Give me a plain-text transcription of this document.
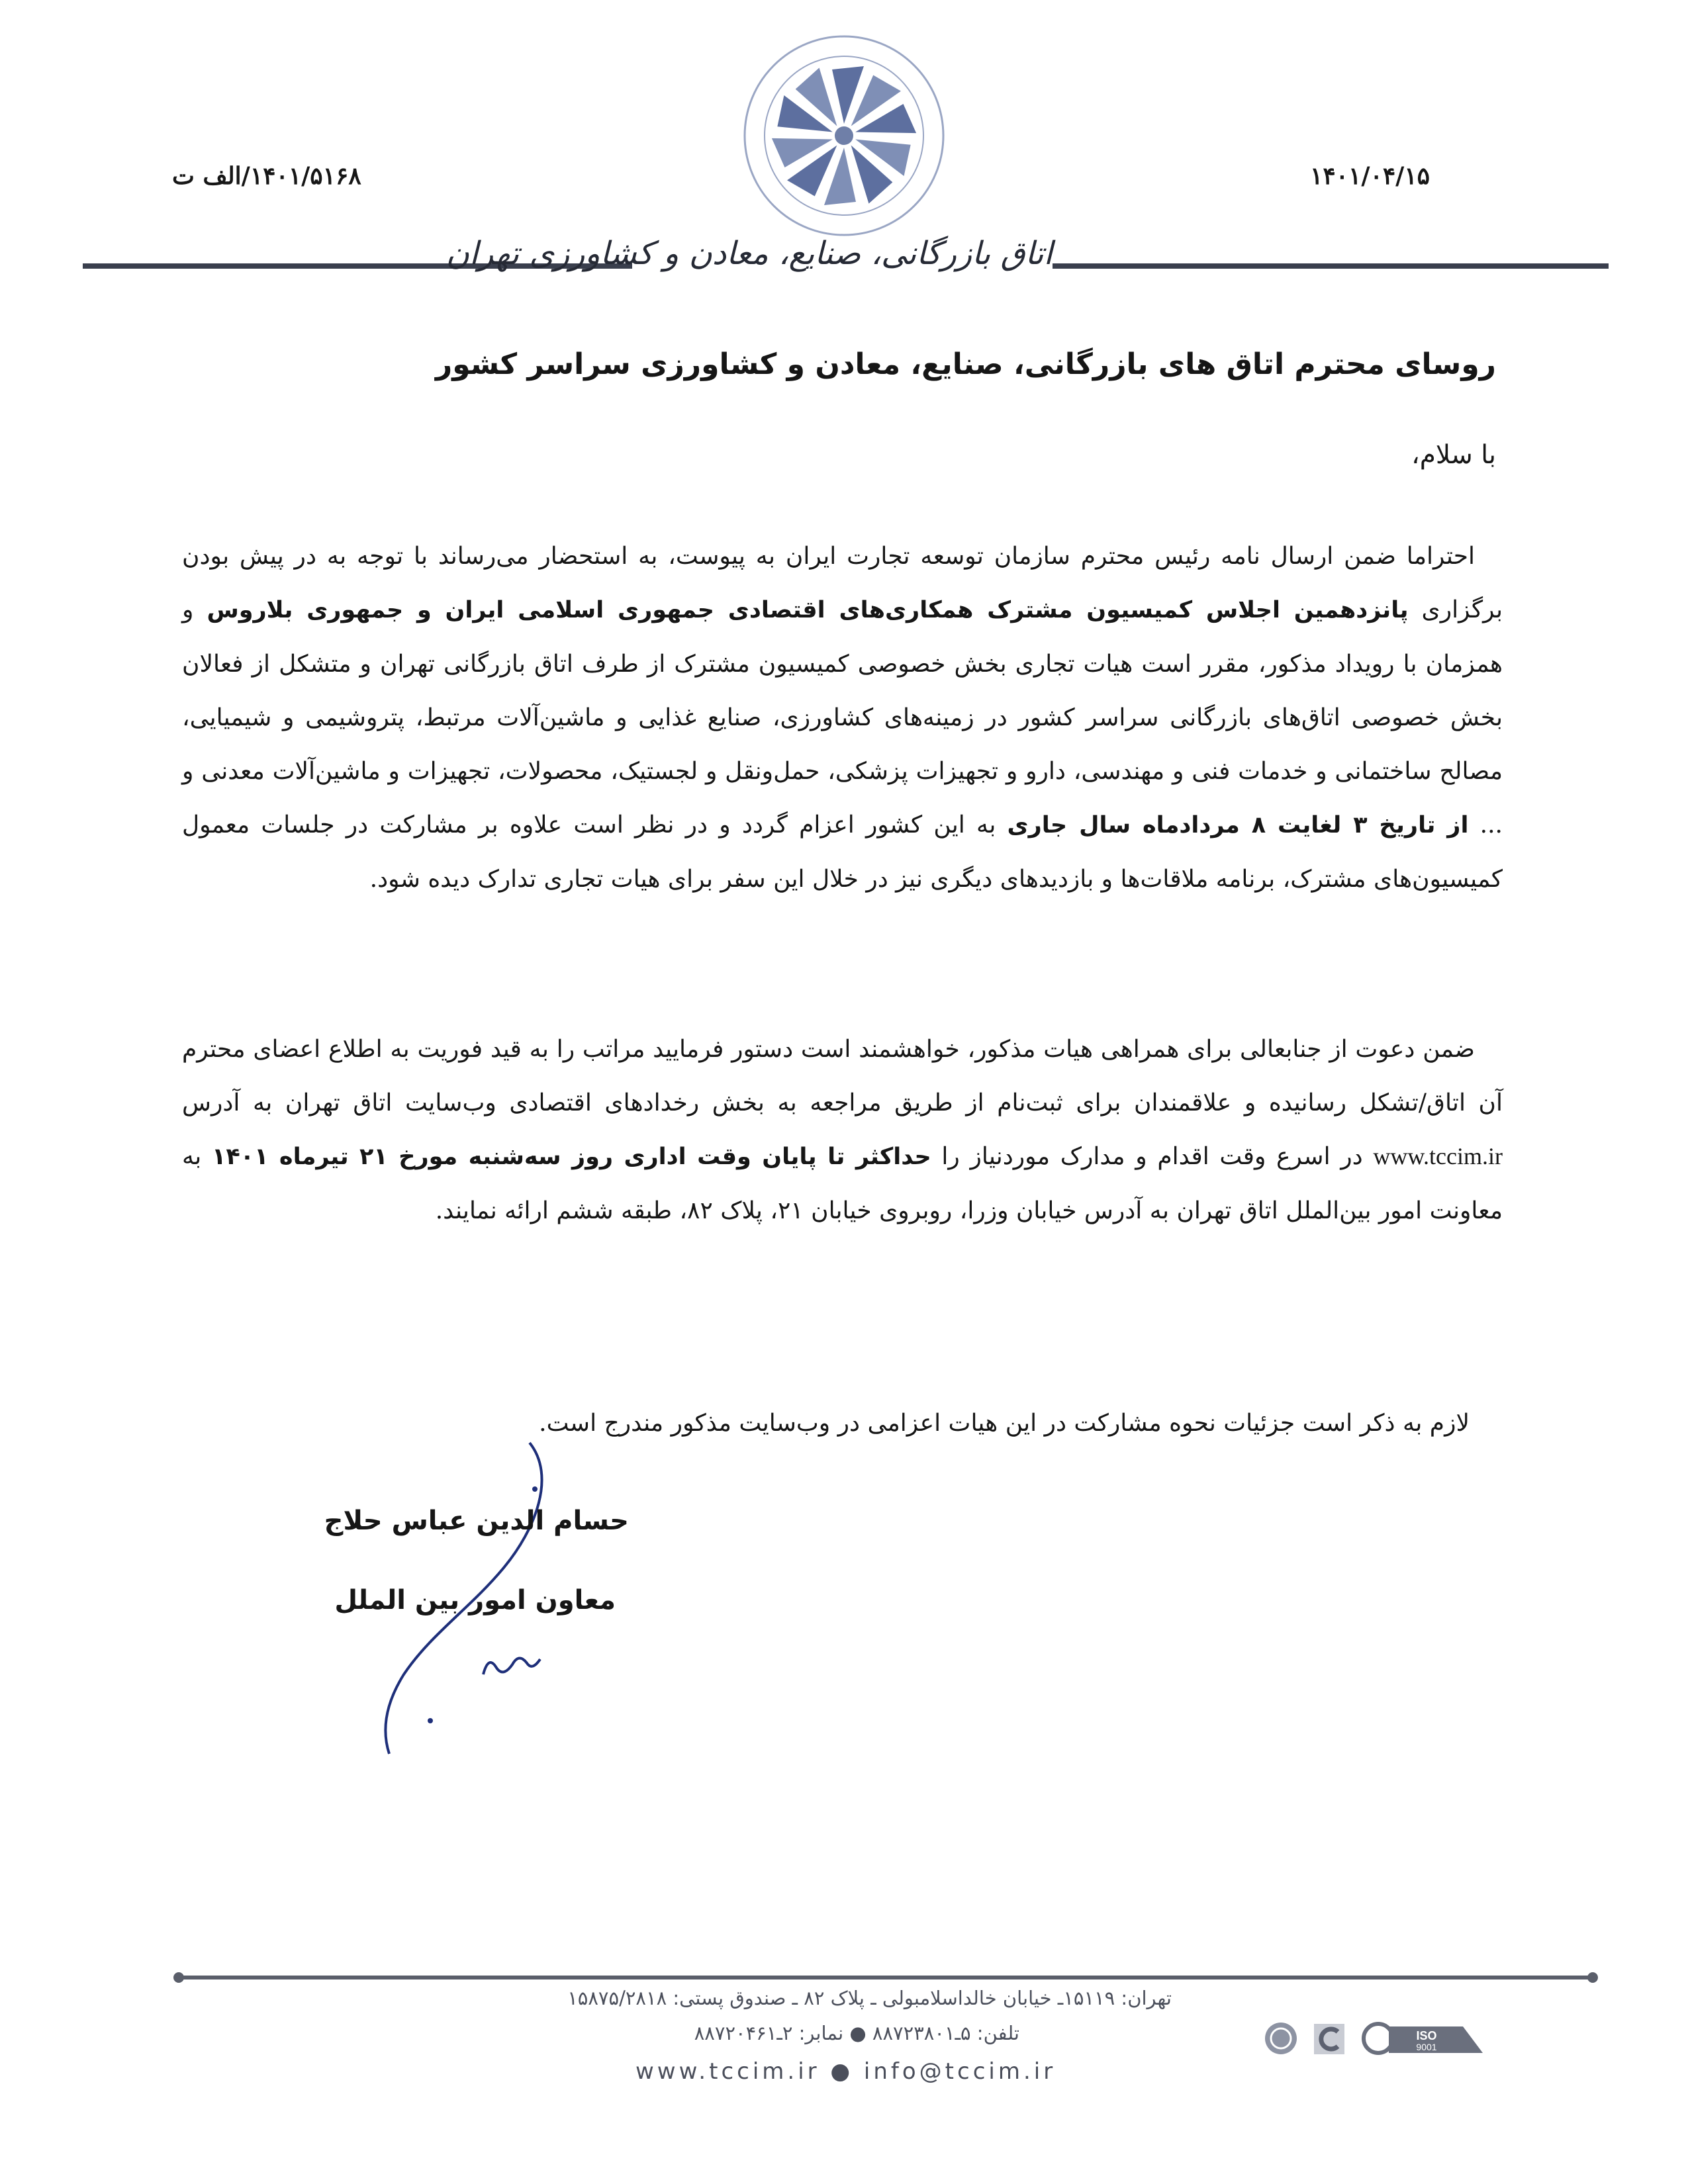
۱۴۰۱/۵۱۶۸/الف ت	۱۴۰۱/۰۴/۱۵
اتاق بازرگانی، صنایع، معادن و کشاورزی تهران
روسای محترم اتاق های بازرگانی، صنایع، معادن و کشاورزی سراسر کشور
با سلام،
احتراما ضمن ارسال نامه رئیس محترم سازمان توسعه تجارت ایران به پیوست، به استحضار می‌رساند با توجه به در پیش بودن برگزاری پانزدهمین اجلاس کمیسیون مشترک همکاری‌های اقتصادی جمهوری اسلامی ایران و جمهوری بلاروس و همزمان با رویداد مذکور، مقرر است هیات تجاری بخش خصوصی کمیسیون مشترک از طرف اتاق بازرگانی تهران و متشکل از فعالان بخش خصوصی اتاق‌های بازرگانی سراسر کشور در زمینه‌های کشاورزی، صنایع غذایی و ماشین‌آلات مرتبط، پتروشیمی و شیمیایی، مصالح ساختمانی و خدمات فنی و مهندسی، دارو و تجهیزات پزشکی، حمل‌ونقل و لجستیک، محصولات، تجهیزات و ماشین‌آلات معدنی و ... از تاریخ ۳ لغایت ۸ مردادماه سال جاری به این کشور اعزام گردد و در نظر است علاوه بر مشارکت در جلسات معمول کمیسیون‌های مشترک، برنامه ملاقات‌ها و بازدیدهای دیگری نیز در خلال این سفر برای هیات تجاری تدارک دیده شود.
ضمن دعوت از جنابعالی برای همراهی هیات مذکور، خواهشمند است دستور فرمایید مراتب را به قید فوریت به اطلاع اعضای محترم آن اتاق/تشکل رسانیده و علاقمندان برای ثبت‌نام از طریق مراجعه به بخش رخدادهای اقتصادی وب‌سایت اتاق تهران به آدرس www.tccim.ir در اسرع وقت اقدام و مدارک موردنیاز را حداکثر تا پایان وقت اداری روز سه‌شنبه مورخ ۲۱ تیرماه ۱۴۰۱ به معاونت امور بین‌الملل اتاق تهران به آدرس خیابان وزرا، روبروی خیابان ۲۱، پلاک ۸۲، طبقه ششم ارائه نمایند.
لازم به ذکر است جزئیات نحوه مشارکت در این هیات اعزامی در وب‌سایت مذکور مندرج است.
حسام الدین عباس حلاج
معاون امور بین الملل
تهران: ۱۵۱۱۹ـ خیابان خالداسلامبولی ـ پلاک ۸۲ ـ صندوق پستی: ۱۵۸۷۵/۲۸۱۸
تلفن: ۵ـ۸۸۷۲۳۸۰۱ ● نمابر: ۲ـ۸۸۷۲۰۴۶۱
www.tccim.ir ● info@tccim.ir
ISO
9001
